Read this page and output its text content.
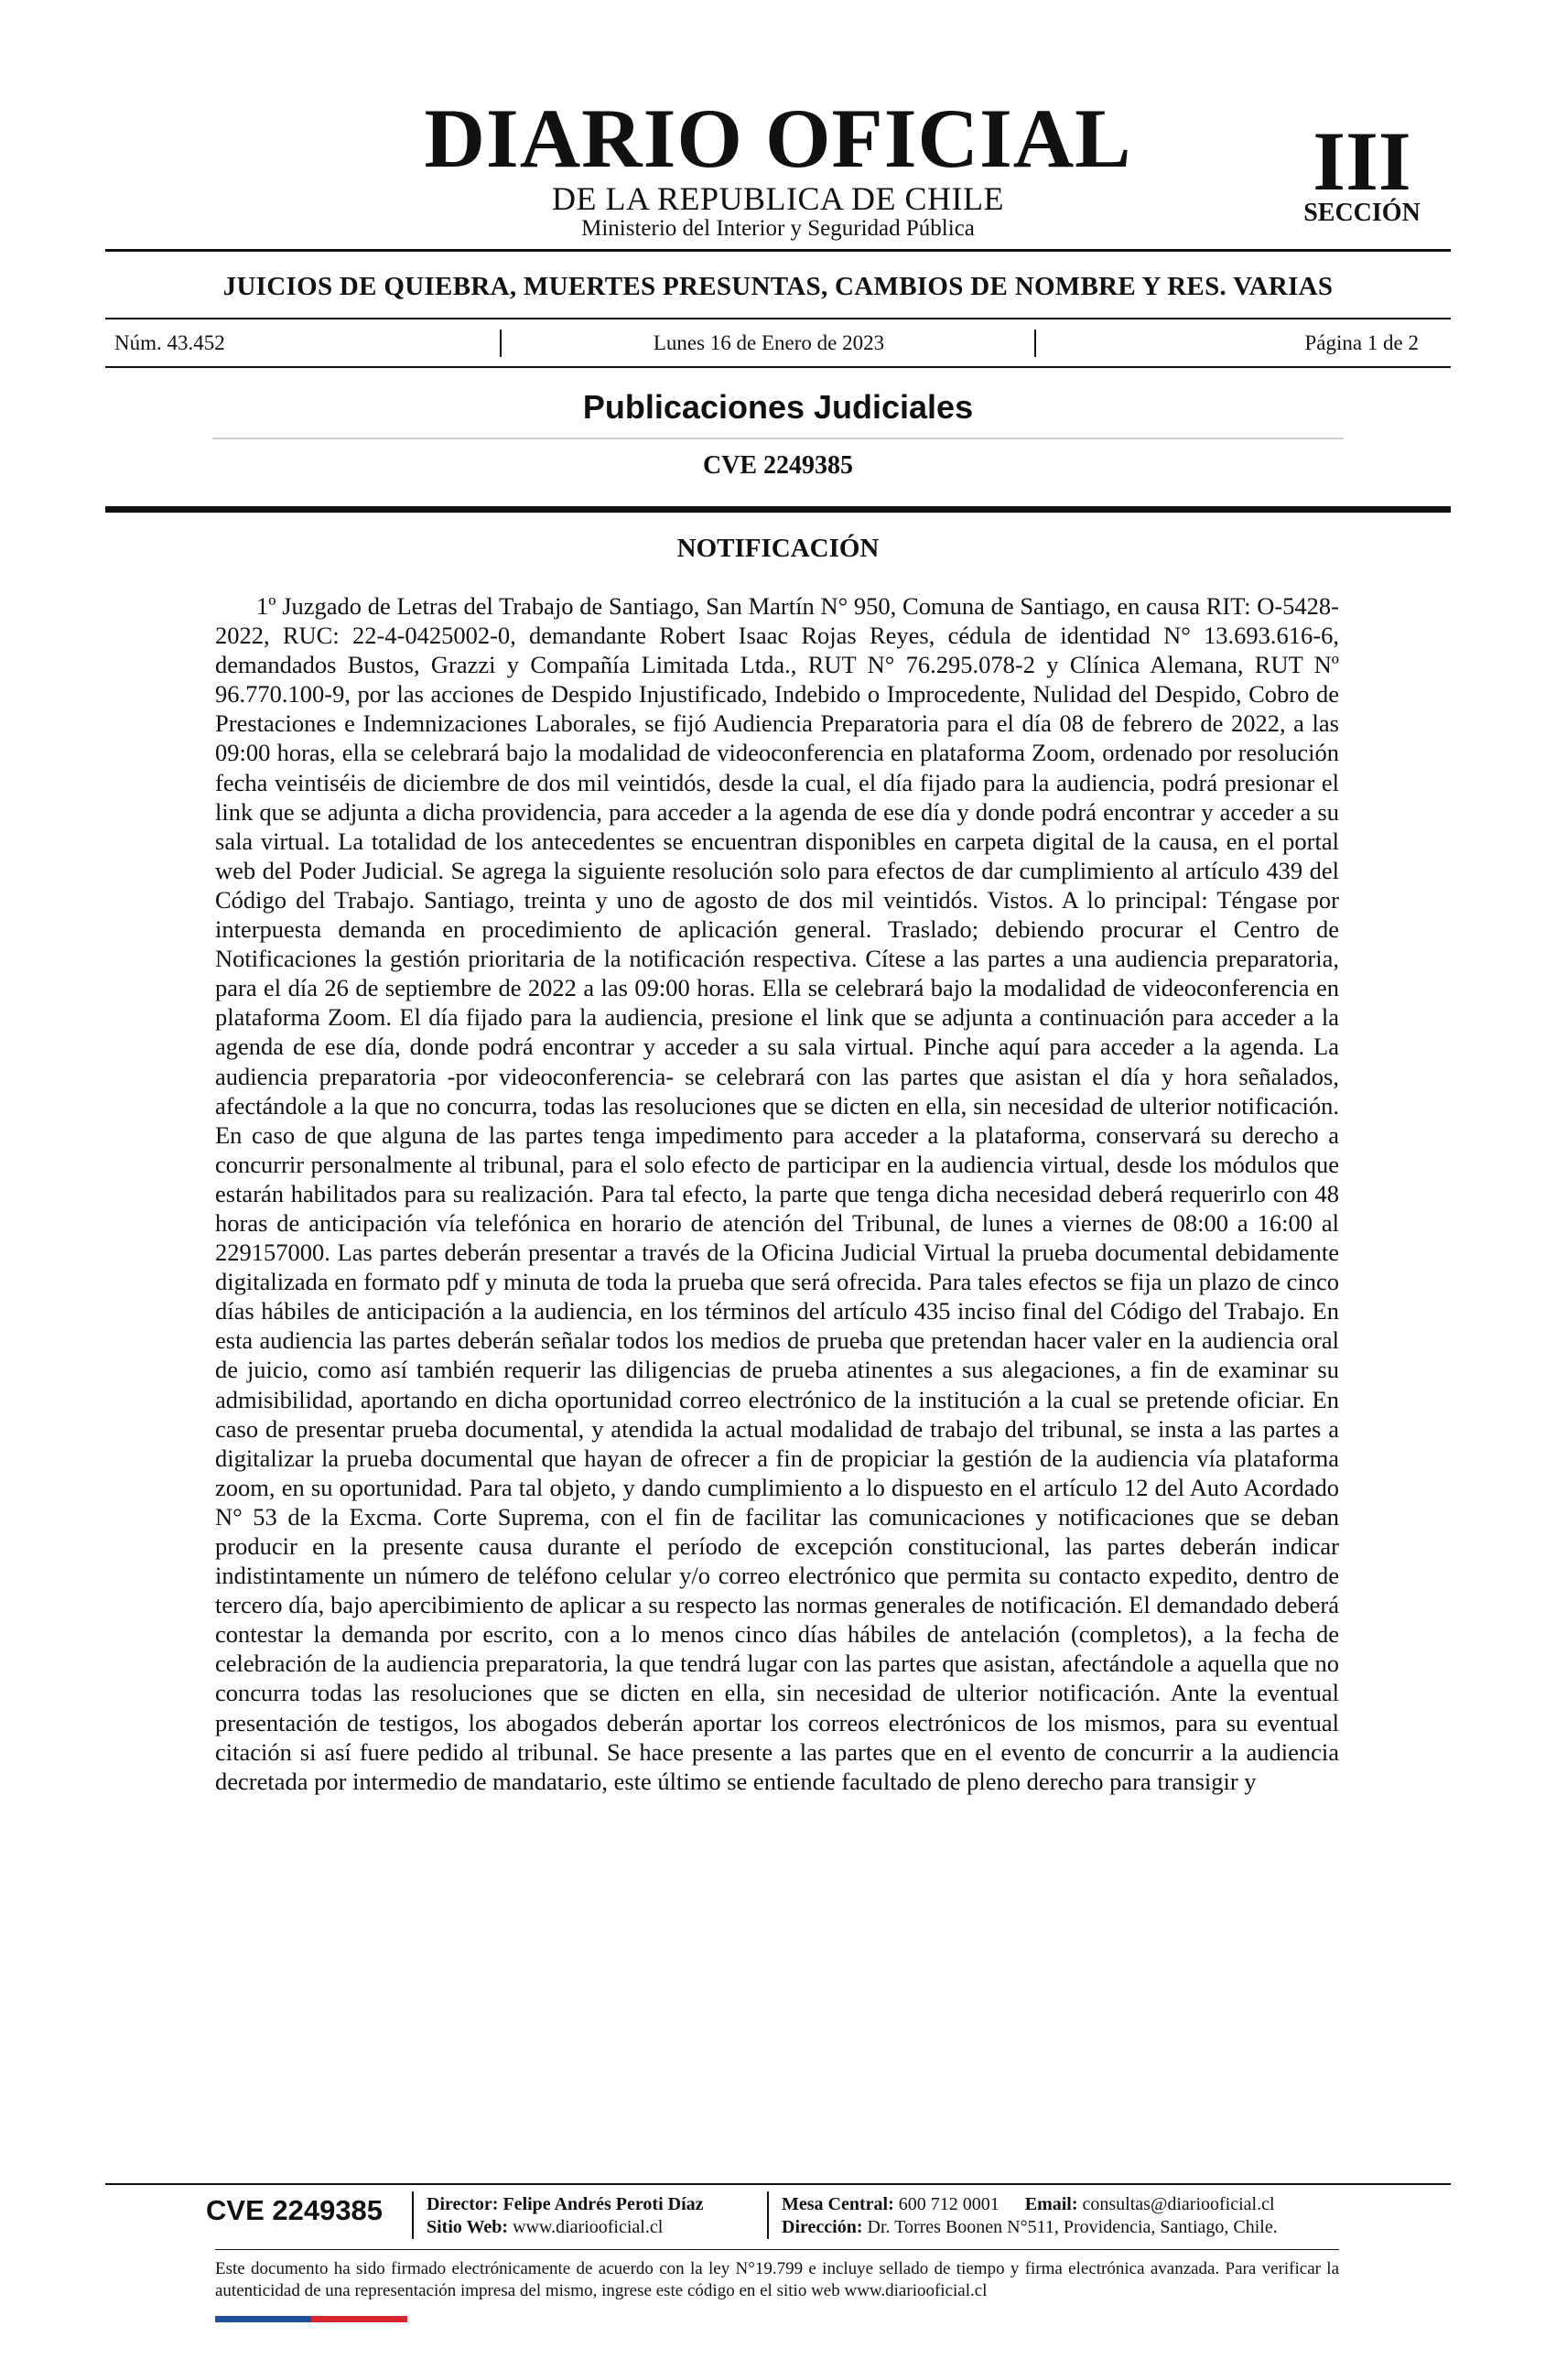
DIARIO OFICIAL
DE LA REPUBLICA DE CHILE
Ministerio del Interior y Seguridad Pública
III
SECCIÓN
JUICIOS DE QUIEBRA, MUERTES PRESUNTAS, CAMBIOS DE NOMBRE Y RES. VARIAS
Núm. 43.452	Lunes 16 de Enero de 2023	Página 1 de 2
Publicaciones Judiciales
CVE 2249385
NOTIFICACIÓN
1º Juzgado de Letras del Trabajo de Santiago, San Martín N° 950, Comuna de Santiago, en causa RIT: O-5428-2022, RUC: 22-4-0425002-0, demandante Robert Isaac Rojas Reyes, cédula de identidad N° 13.693.616-6, demandados Bustos, Grazzi y Compañía Limitada Ltda., RUT N° 76.295.078-2 y Clínica Alemana, RUT Nº 96.770.100-9, por las acciones de Despido Injustificado, Indebido o Improcedente, Nulidad del Despido, Cobro de Prestaciones e Indemnizaciones Laborales, se fijó Audiencia Preparatoria para el día 08 de febrero de 2022, a las 09:00 horas, ella se celebrará bajo la modalidad de videoconferencia en plataforma Zoom, ordenado por resolución fecha veintiséis de diciembre de dos mil veintidós, desde la cual, el día fijado para la audiencia, podrá presionar el link que se adjunta a dicha providencia, para acceder a la agenda de ese día y donde podrá encontrar y acceder a su sala virtual. La totalidad de los antecedentes se encuentran disponibles en carpeta digital de la causa, en el portal web del Poder Judicial. Se agrega la siguiente resolución solo para efectos de dar cumplimiento al artículo 439 del Código del Trabajo. Santiago, treinta y uno de agosto de dos mil veintidós. Vistos. A lo principal: Téngase por interpuesta demanda en procedimiento de aplicación general. Traslado; debiendo procurar el Centro de Notificaciones la gestión prioritaria de la notificación respectiva. Cítese a las partes a una audiencia preparatoria, para el día 26 de septiembre de 2022 a las 09:00 horas. Ella se celebrará bajo la modalidad de videoconferencia en plataforma Zoom. El día fijado para la audiencia, presione el link que se adjunta a continuación para acceder a la agenda de ese día, donde podrá encontrar y acceder a su sala virtual. Pinche aquí para acceder a la agenda. La audiencia preparatoria -por videoconferencia- se celebrará con las partes que asistan el día y hora señalados, afectándole a la que no concurra, todas las resoluciones que se dicten en ella, sin necesidad de ulterior notificación. En caso de que alguna de las partes tenga impedimento para acceder a la plataforma, conservará su derecho a concurrir personalmente al tribunal, para el solo efecto de participar en la audiencia virtual, desde los módulos que estarán habilitados para su realización. Para tal efecto, la parte que tenga dicha necesidad deberá requerirlo con 48 horas de anticipación vía telefónica en horario de atención del Tribunal, de lunes a viernes de 08:00 a 16:00 al 229157000. Las partes deberán presentar a través de la Oficina Judicial Virtual la prueba documental debidamente digitalizada en formato pdf y minuta de toda la prueba que será ofrecida. Para tales efectos se fija un plazo de cinco días hábiles de anticipación a la audiencia, en los términos del artículo 435 inciso final del Código del Trabajo. En esta audiencia las partes deberán señalar todos los medios de prueba que pretendan hacer valer en la audiencia oral de juicio, como así también requerir las diligencias de prueba atinentes a sus alegaciones, a fin de examinar su admisibilidad, aportando en dicha oportunidad correo electrónico de la institución a la cual se pretende oficiar. En caso de presentar prueba documental, y atendida la actual modalidad de trabajo del tribunal, se insta a las partes a digitalizar la prueba documental que hayan de ofrecer a fin de propiciar la gestión de la audiencia vía plataforma zoom, en su oportunidad. Para tal objeto, y dando cumplimiento a lo dispuesto en el artículo 12 del Auto Acordado N° 53 de la Excma. Corte Suprema, con el fin de facilitar las comunicaciones y notificaciones que se deban producir en la presente causa durante el período de excepción constitucional, las partes deberán indicar indistintamente un número de teléfono celular y/o correo electrónico que permita su contacto expedito, dentro de tercero día, bajo apercibimiento de aplicar a su respecto las normas generales de notificación. El demandado deberá contestar la demanda por escrito, con a lo menos cinco días hábiles de antelación (completos), a la fecha de celebración de la audiencia preparatoria, la que tendrá lugar con las partes que asistan, afectándole a aquella que no concurra todas las resoluciones que se dicten en ella, sin necesidad de ulterior notificación. Ante la eventual presentación de testigos, los abogados deberán aportar los correos electrónicos de los mismos, para su eventual citación si así fuere pedido al tribunal. Se hace presente a las partes que en el evento de concurrir a la audiencia decretada por intermedio de mandatario, este último se entiende facultado de pleno derecho para transigir y
CVE 2249385 Director: Felipe Andrés Peroti Díaz
Sitio Web: www.diariooficial.cl
Mesa Central: 600 712 0001 Email: consultas@diariooficial.cl
Dirección: Dr. Torres Boonen N°511, Providencia, Santiago, Chile.
Este documento ha sido firmado electrónicamente de acuerdo con la ley N°19.799 e incluye sellado de tiempo y firma electrónica avanzada. Para verificar la autenticidad de una representación impresa del mismo, ingrese este código en el sitio web www.diariooficial.cl
